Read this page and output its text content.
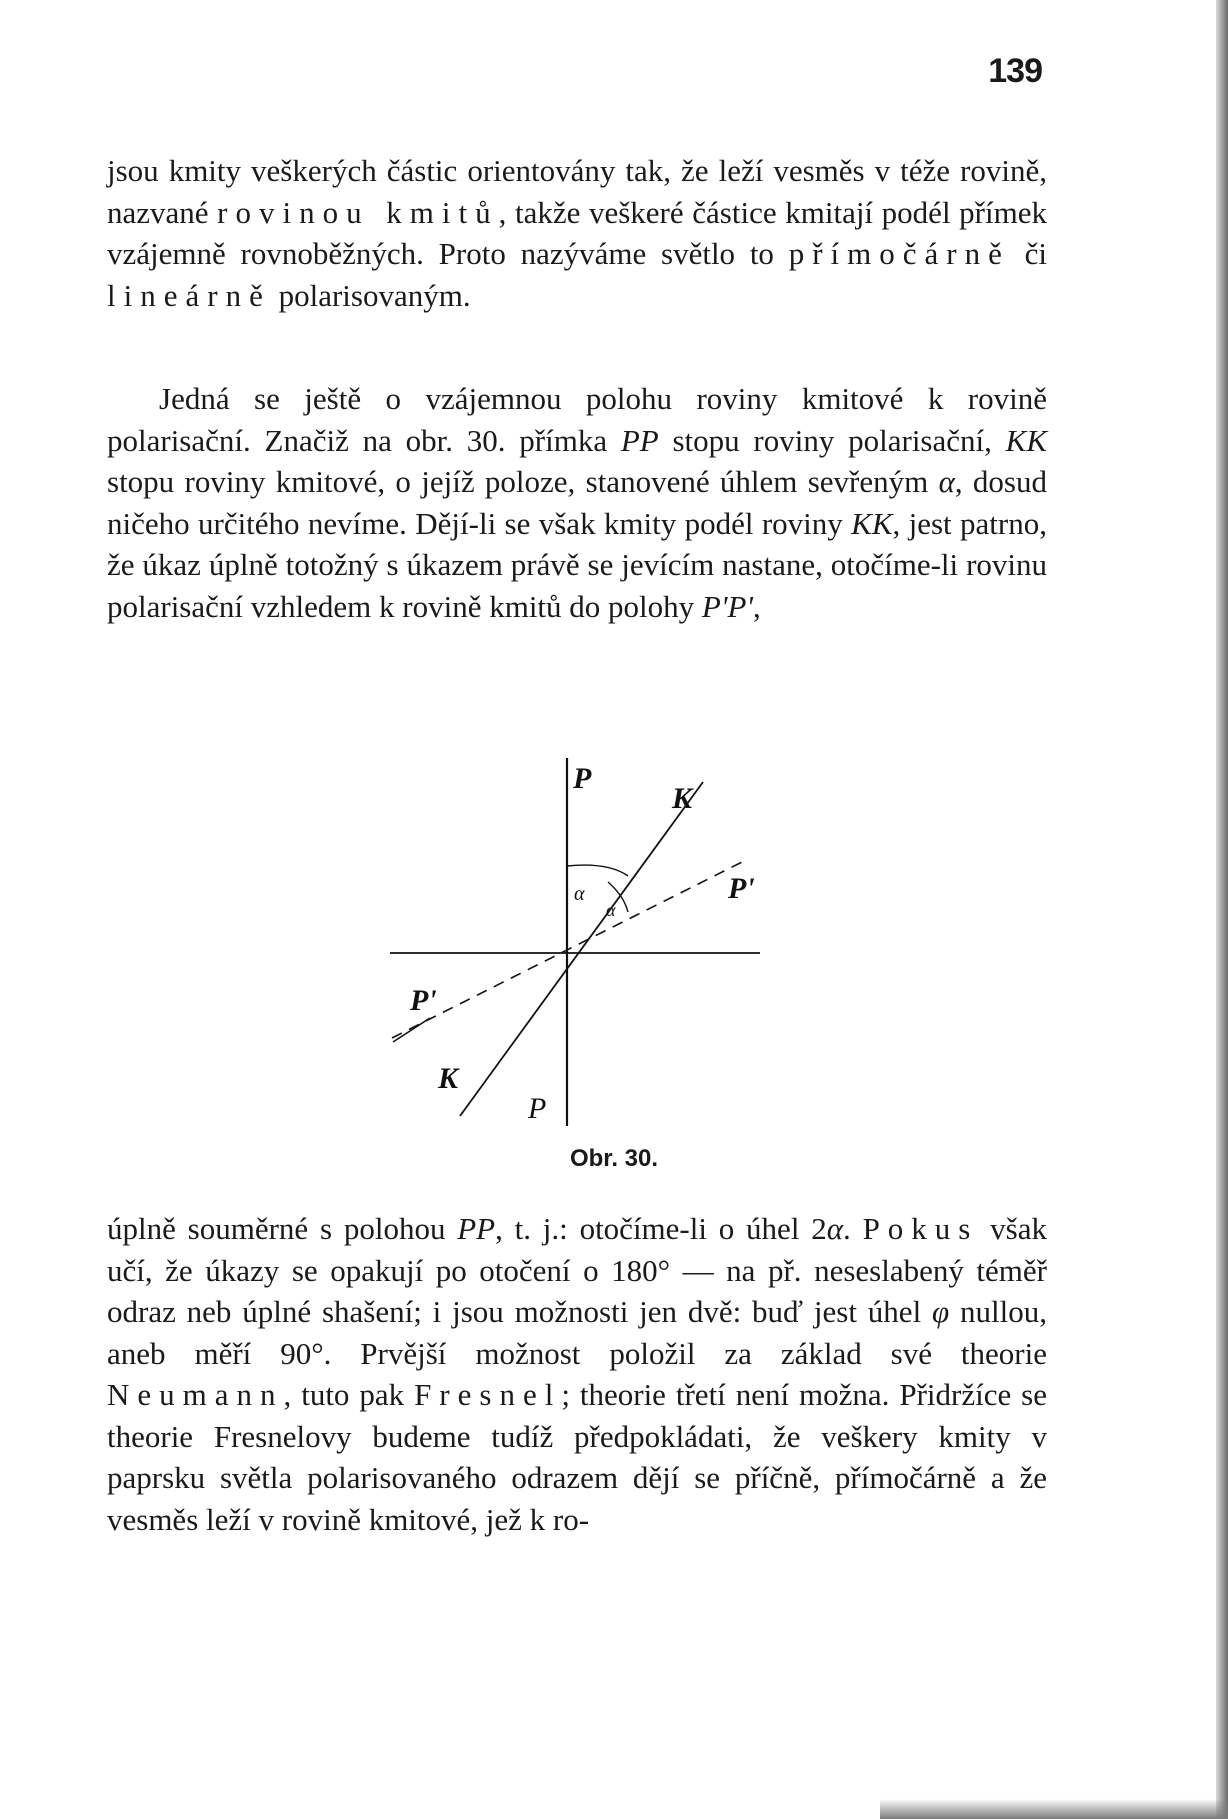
139

jsou kmity veškerých částic orientovány tak, že leží vesměs v téže rovině, nazvané rovinou kmitů, takže veškeré částice kmitají podél přímek vzájemně rovnoběžných. Proto nazýváme světlo to přímočárně či lineárně polarisovaným.

Jedná se ještě o vzájemnou polohu roviny kmitové k rovině polarisační. Značiž na obr. 30. přímka PP stopu roviny polarisační, KK stopu roviny kmitové, o jejíž poloze, stanovené úhlem sevřeným α, dosud ničeho určitého nevíme. Dějí-li se však kmity podél roviny KK, jest patrno, že úkaz úplně totožný s úkazem právě se jevícím nastane, otočíme-li rovinu polarisační vzhledem k rovině kmitů do polohy P'P',

P
K
P'
P'
K
P
α
α
Obr. 30.

úplně souměrné s polohou PP, t. j.: otočíme-li o úhel 2α. Pokus však učí, že úkazy se opakují po otočení o 180° — na př. neseslabený téměř odraz neb úplné shašení; i jsou možnosti jen dvě: buď jest úhel φ nullou, aneb měří 90°. Prvější možnost položil za základ své theorie Neumann, tuto pak Fresnel; theorie třetí není možna. Přidržíce se theorie Fresnelovy budeme tudíž předpokládati, že veškery kmity v paprsku světla polarisovaného odrazem dějí se příčně, přímočárně a že vesměs leží v rovině kmitové, jež k ro-
